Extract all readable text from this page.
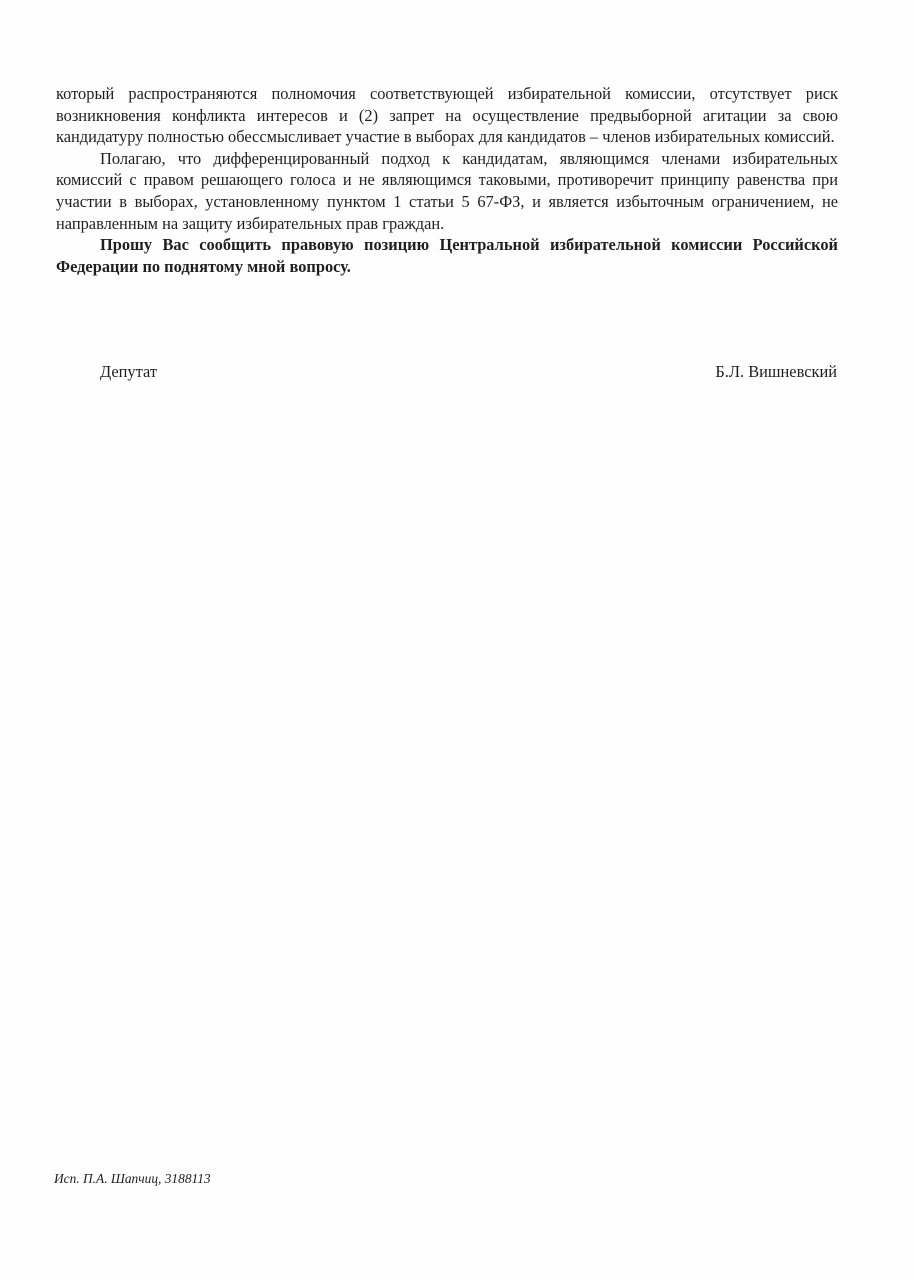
который распространяются полномочия соответствующей избирательной комиссии, отсутствует риск возникновения конфликта интересов и (2) запрет на осуществление предвыборной агитации за свою кандидатуру полностью обессмысливает участие в выборах для кандидатов – членов избирательных комиссий.

Полагаю, что дифференцированный подход к кандидатам, являющимся членами избирательных комиссий с правом решающего голоса и не являющимся таковыми, противоречит принципу равенства при участии в выборах, установленному пунктом 1 статьи 5 67-ФЗ, и является избыточным ограничением, не направленным на защиту избирательных прав граждан.

Прошу Вас сообщить правовую позицию Центральной избирательной комиссии Российской Федерации по поднятому мной вопросу.

Депутат	Б.Л. Вишневский
Исп. П.А. Шапчиц, 3188113
